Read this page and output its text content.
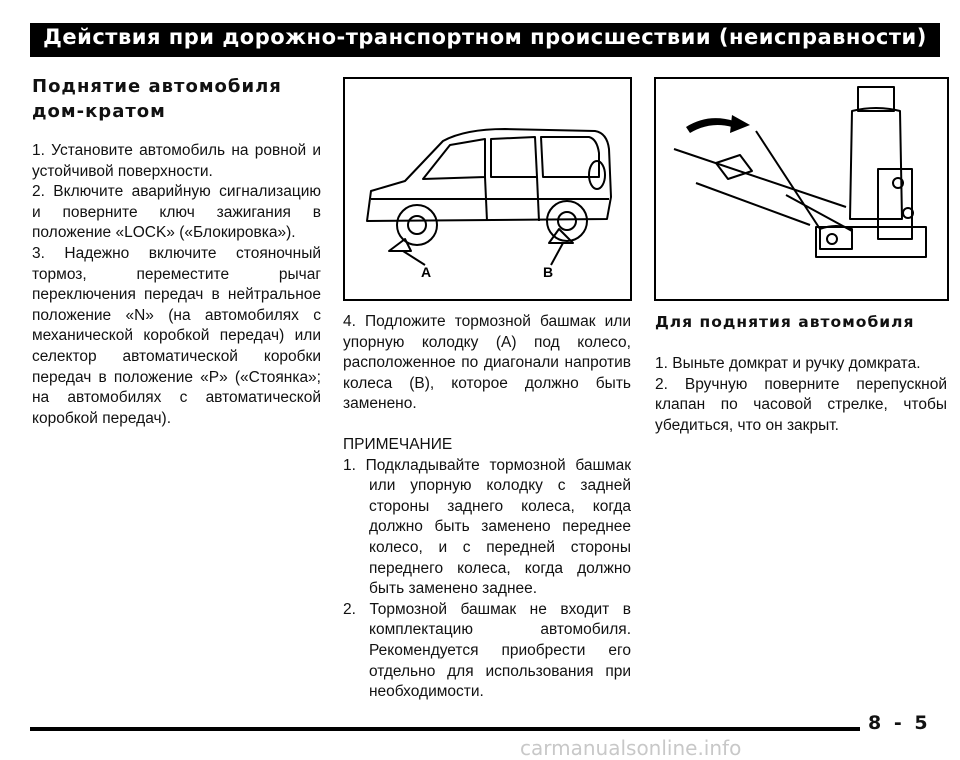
Действия при дорожно-транспортном происшествии (неисправности)
Поднятие автомобиля дом-кратом

1. Установите автомобиль на ровной и устойчивой поверхности.

2. Включите аварийную сигнализацию и поверните ключ зажигания в положение «LOCK» («Блокировка»).

3. Надежно включите стояночный тормоз, переместите рычаг переключения передач в нейтральное положение «N» (на автомобилях с механической коробкой передач) или селектор автоматической коробки передач в положение «P» («Стоянка»; на автомобилях с автоматической коробкой передач).

A	B

4. Подложите тормозной башмак или упорную колодку (A) под колесо, расположенное по диагонали напротив колеса (B), которое должно быть заменено.

ПРИМЕЧАНИЕ

1. Подкладывайте тормозной башмак или упорную колодку с задней стороны заднего колеса, когда должно быть заменено переднее колесо, и с передней стороны переднего колеса, когда должно быть заменено заднее.

2. Тормозной башмак не входит в комплектацию автомобиля. Рекомендуется приобрести его отдельно для использования при необходимости.

Для поднятия автомобиля

1. Выньте домкрат и ручку домкрата.

2. Вручную поверните перепускной клапан по часовой стрелке, чтобы убедиться, что он закрыт.

8 - 5
carmanualsonline.info
